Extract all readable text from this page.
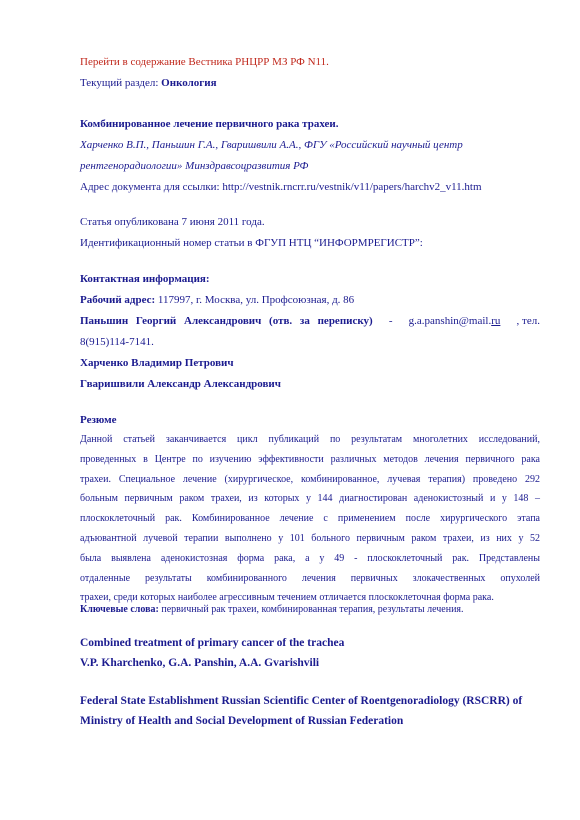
Перейти в содержание Вестника РНЦРР МЗ РФ N11.
Текущий раздел: Онкология
Комбинированное лечение первичного рака трахеи.
Харченко В.П., Паньшин Г.А., Гваришвили А.А., ФГУ «Российский научный центр
рентгенорадиологии» Минздравсоцразвития РФ
Адрес документа для ссылки: http://vestnik.rncrr.ru/vestnik/v11/papers/harchv2_v11.htm
Статья опубликована 7 июня 2011 года.
Идентификационный номер статьи в ФГУП НТЦ “ИНФОРМРЕГИСТР”:
Контактная информация:
Рабочий адрес: 117997, г. Москва, ул. Профсоюзная, д. 86
Паньшин Георгий Александрович (отв. за переписку) - g.a.panshin@mail.ru , тел.
8(915)114-7141.
Харченко Владимир Петрович
Гваришвили Александр Александрович
Резюме
Данной статьей заканчивается цикл публикаций по результатам многолетних исследований,
проведенных в Центре по изучению эффективности различных методов лечения первичного рака
трахеи. Специальное лечение (хирургическое, комбинированное, лучевая терапия) проведено 292
больным первичным раком трахеи, из которых у 144 диагностирован аденокистозный и у 148 –
плоскоклеточный рак. Комбинированное лечение с применением после хирургического этапа
адъювантной лучевой терапии выполнено у 101 больного первичным раком трахеи, из них у 52
была выявлена аденокистозная форма рака, а у 49 - плоскоклеточный рак. Представлены
отдаленные результаты комбинированного лечения первичных злокачественных опухолей
трахеи, среди которых наиболее агрессивным течением отличается плоскоклеточная форма рака.
Ключевые слова: первичный рак трахеи, комбинированная терапия, результаты лечения.
Combined treatment of primary cancer of the trachea
V.P. Kharchenko, G.A. Panshin, A.A. Gvarishvili
Federal State Establishment Russian Scientific Center of Roentgenoradiology (RSCRR) of
Ministry of Health and Social Development of Russian Federation
